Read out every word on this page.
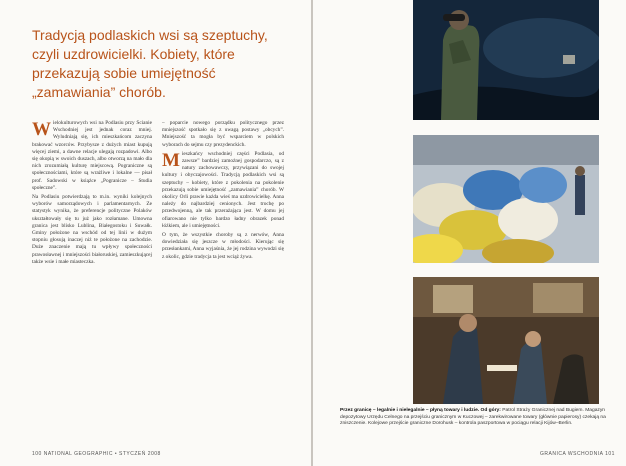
Tradycją podlaskich wsi są szeptuchy, czyli uzdrowicielki. Kobiety, które przekazują sobie umiejętność „zamawiania” chorób.

W ielokulturowych wsi na Podlasiu przy Ścianie Wschodniej jest jednak coraz mniej. Wyludniają się, ich mieszkańcom zaczyna brakować wzorców. Przybysze z dużych miast kupują więcej ziemi, a dawne relacje ulegają rozpadowi. Albo się okopią w swoich duszach, albo otworzą na mało dla nich zrozumiałą kulturę miejscową. Pograniczne są społecznościami, które są wrażliwe i lokalne — pisał prof. Sadowski w książce „Pogranicze – Studia społeczne”.

Na Podlasiu potwierdzają to m.in. wyniki kolejnych wyborów samorządowych i parlamentarnych. Ze statystyk wynika, że preferencje polityczne Polaków ukształtowały się tu już jako rozłamane. Umowna granica jest blisko Lublina, Białegostoku i Suwałk. Gminy położone na wschód od tej linii w dużym stopniu głosują inaczej niż te położone na zachodzie. Duże znaczenie mają tu wpływy społeczności prawosławnej i mniejszości białoruskiej, zamieszkującej także wsie i małe miasteczka.

– poparcie nowego porządku politycznego przez mniejszość spotkało się z uwagą postawy „obcych”. Mniejszość ta mogła być wsparciem w polskich wyborach do sejmu czy prezydenckich.

M ieszkańcy wschodniej części Podlasia, od zawsze” bardziej zamożnej gospodarczo, są z natury zachowawczy, przywiązani do swojej kultury i obyczajowości. Tradycją podlaskich wsi są szeptuchy – kobiety, które z pokolenia na pokolenie przekazują sobie umiejętność „zamawiania” chorób. W okolicy Orli prawie każda wieś ma uzdrowicielkę. Anna należy do najbardziej cenionych. Jest trochę po przedwojenną, ale tak przerażająca jest. W domu jej ofiarowano nie tylko bardzo ładny obrazek ponad łóżkiem, ale i umiejętności.

O tym, że wszystkie choroby są z nerwów, Anna dowiedziała się jeszcze w młodości. Kierując się przesłankami, Anna wyjaśnia, że jej rodzina wywodzi się z okolic, gdzie tradycja ta jest wciąż żywa.

100 NATIONAL GEOGRAPHIC • STYCZEŃ 2008
Przez granicę – legalnie i nielegalnie – płyną towary i ludzie. Od góry: Patrol Straży Granicznej nad Bugiem. Magazyn depozytowy Urzędu Celnego na przejściu granicznym w Kuczowej – zarekwirowane towary (głównie papierosy) czekają na zniszczenie. Kolejowe przejście graniczne Dorohusk – kontrola paszportowa w pociągu relacji Kijów–Berlin.
GRANICA WSCHODNIA 101
